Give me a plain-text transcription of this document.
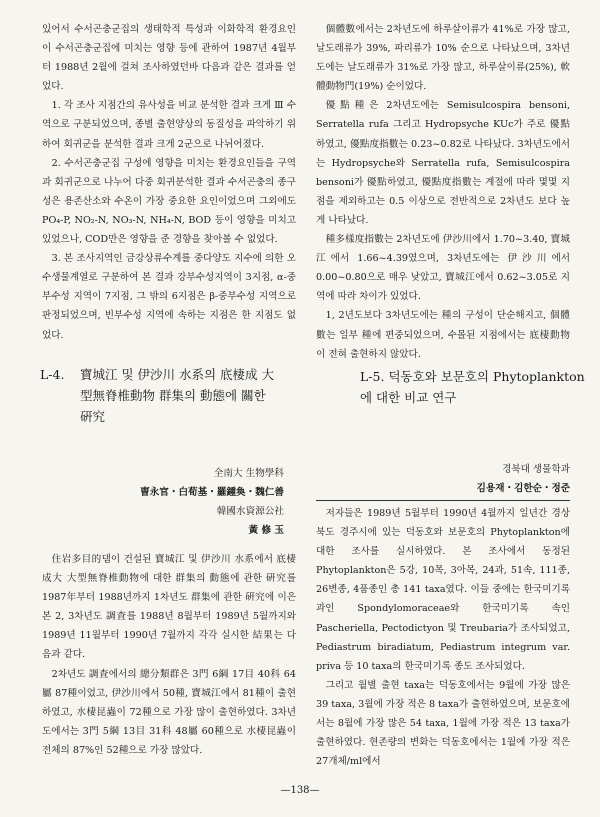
있어서 수서곤충군집의 생태학적 특성과 이화학적 환경요인이 수서곤충군집에 미치는 영향 등에 관하여 1987년 4월부터 1988년 2월에 걸쳐 조사하였던바 다음과 같은 결과를 얻었다.

1. 각 조사 지점간의 유사성을 비교 분석한 결과 크게 Ⅲ 수역으로 구분되었으며, 종별 출현양상의 동질성을 파악하기 위하여 회귀군을 분석한 결과 크게 2군으로 나뉘어졌다.

2. 수서곤충군집 구성에 영향을 미치는 환경요인들을 구역과 회귀군으로 나누어 다중 회귀분석한 결과 수서곤충의 종구성은 용존산소와 수온이 가장 중요한 요인이었으며 그외에도 PO₄-P, NO₂-N, NO₃-N, NH₄-N, BOD 등이 영향을 미치고 있었으나, COD만은 영향을 준 경향을 찾아볼 수 없었다.

3. 본 조사지역인 금강상류수계를 중다양도 지수에 의한 오수생물계열로 구분하여 본 결과 강부수성지역이 3지점, α-중부수성 지역이 7지점, 그 밖의 6지점은 β-중부수성 지역으로 판정되었으며, 빈부수성 지역에 속하는 지점은 한 지점도 없었다.

L-4. 寶城江 및 伊沙川 水系의 底棲成 大
型無脊椎動物 群集의 動態에 關한
硏究
全南大 生物學科
曺永官・白荀基・羅鍾奐・魏仁善
韓國水資源公社
黃 修 玉

住岩多目的댐이 건설된 寶城江 및 伊沙川 水系에서 底棲成大 大型無脊椎動物에 대한 群集의 動態에 관한 硏究를 1987年부터 1988년까지 1차년도 群集에 관한 硏究에 이은 본 2, 3차년도 調査를 1988년 8월부터 1989년 5월까지와 1989년 11월부터 1990년 7월까지 각각 실시한 結果는 다음과 같다.

2차년도 調査에서의 總分類群은 3門 6綱 17目 40科 64屬 87種이었고, 伊沙川에서 50種, 寶城江에서 81種이 출현하였고, 水棲昆蟲이 72種으로 가장 많이 출현하였다. 3차년도에서는 3門 5綱 13目 31科 48屬 60種으로 水棲昆蟲이 전체의 87%인 52種으로 가장 많았다.

個體數에서는 2차년도에 하루살이류가 41%로 가장 많고, 날도래류가 39%, 파리류가 10% 순으로 나타났으며, 3차년도에는 날도래류가 31%로 가장 많고, 하루살이류(25%), 軟體動物門(19%) 순이었다.

優點種은 2차년도에는 Semisulcospira bensoni, Serratella rufa 그리고 Hydropsyche KUc가 주로 優點하였고, 優點度指數는 0.23~0.82로 나타났다. 3차년도에서는 Hydropsyche와 Serratella rufa, Semisulcospira bensoni가 優點하였고, 優點度指數는 계절에 따라 몇몇 지점을 제외하고는 0.5 이상으로 전반적으로 2차년도 보다 높게 나타났다.

種多樣度指數는 2차년도에 伊沙川에서 1.70~3.40, 寶城江에서 1.66~4.39였으며, 3차년도에는 伊沙川에서 0.00~0.80으로 매우 낮았고, 寶城江에서 0.62~3.05로 지역에 따라 차이가 있었다.

1, 2년도보다 3차년도에는 種의 구성이 단순해지고, 個體數는 일부 種에 편중되었으며, 수몰된 지점에서는 底棲動物이 전혀 출현하지 않았다.

L-5. 덕동호와 보문호의 Phytoplankton
에 대한 비교 연구
경북대 생물학과
김용재・김한순・정준

저자들은 1989년 5월부터 1990년 4월까지 일년간 경상북도 경주시에 있는 덕동호와 보문호의 Phytoplankton에 대한 조사를 실시하였다. 본 조사에서 동정된 Phytoplankton은 5강, 10목, 3아목, 24과, 51속, 111종, 26변종, 4품종인 총 141 taxa였다. 이들 중에는 한국미기록 과인 Spondylomoraceae와 한국미기록 속인 Pascheriella, Pectodictyon 및 Treubaria가 조사되었고, Pediastrum biradiatum, Pediastrum integrum var. priva 등 10 taxa의 한국미기록 종도 조사되었다.

그리고 월별 출현 taxa는 덕동호에서는 9월에 가장 많은 39 taxa, 3월에 가장 적은 8 taxa가 출현하였으며, 보문호에서는 8월에 가장 많은 54 taxa, 1월에 가장 적은 13 taxa가 출현하였다. 현존량의 변화는 덕동호에서는 1월에 가장 적은 27개체/ml에서

—138—
